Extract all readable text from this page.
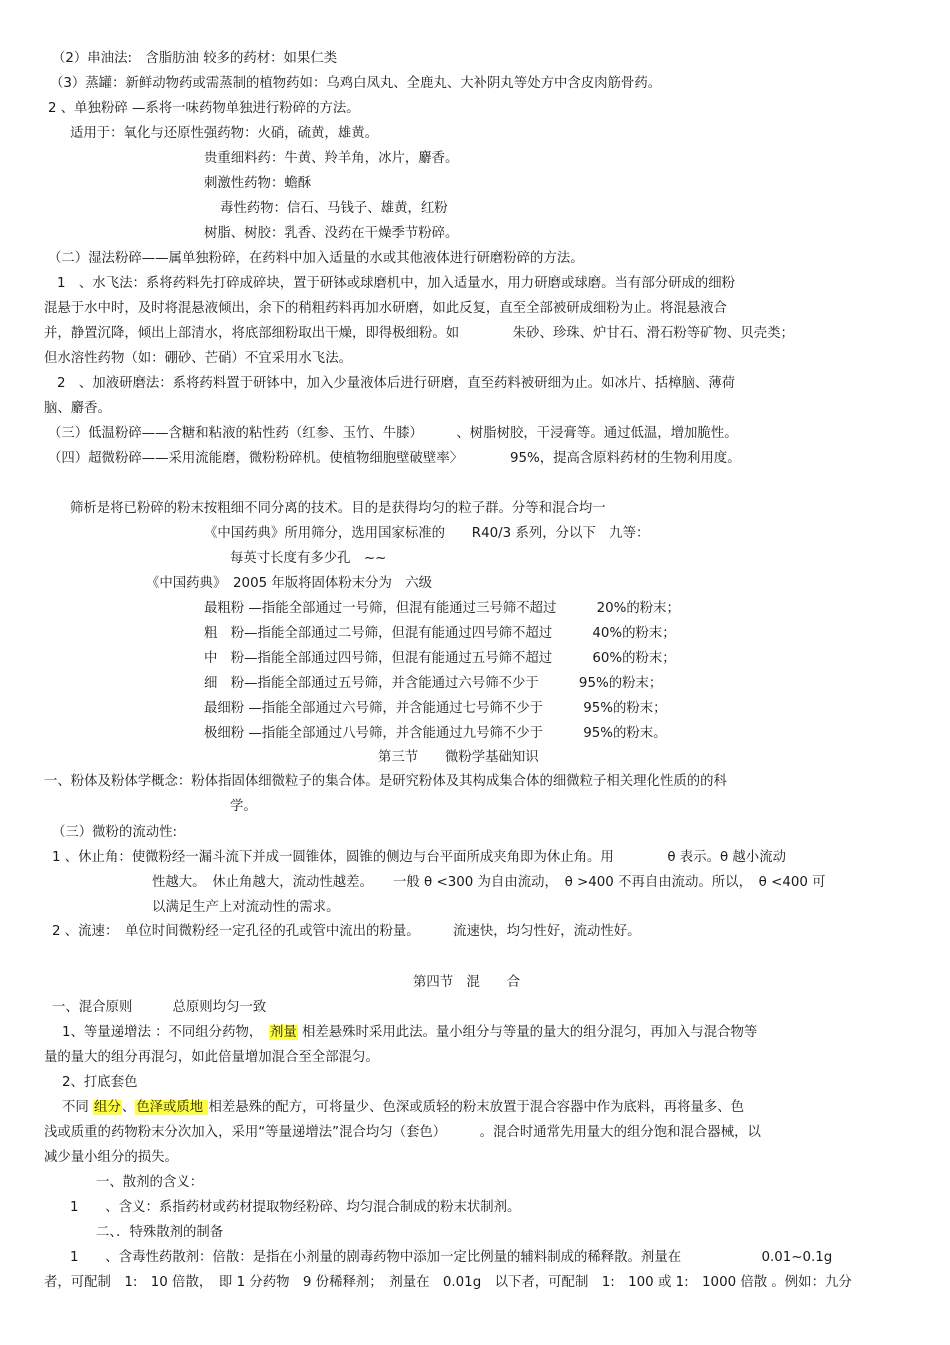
（2）串油法:　含脂肪油 较多的药材：如果仁类
（3）蒸罐：新鲜动物药或需蒸制的植物药如：乌鸡白凤丸、全鹿丸、大补阴丸等处方中含皮肉筋骨药。
2 、单独粉碎 —系将一味药物单独进行粉碎的方法。
适用于：氧化与还原性强药物：火硝，硫黄，雄黄。
贵重细料药：牛黄、羚羊角，冰片，麝香。
刺激性药物：蟾酥
毒性药物：信石、马钱子、雄黄，红粉
树脂、树胶：乳香、没药在干燥季节粉碎。
（二）湿法粉碎——属单独粉碎，在药料中加入适量的水或其他液体进行研磨粉碎的方法。
1　、水飞法：系将药料先打碎成碎块，置于研钵或球磨机中，加入适量水，用力研磨或球磨。当有部分研成的细粉
混悬于水中时，及时将混悬液倾出，余下的稍粗药料再加水研磨，如此反复，直至全部被研成细粉为止。将混悬液合
并，静置沉降，倾出上部清水，将底部细粉取出干燥，即得极细粉。如　　　　朱砂、珍珠、炉甘石、滑石粉等矿物、贝壳类；
但水溶性药物（如：硼砂、芒硝）不宜采用水飞法。
2　、加液研磨法：系将药料置于研钵中，加入少量液体后进行研磨，直至药料被研细为止。如冰片、括樟脑、薄荷
脑、麝香。
（三）低温粉碎——含糖和粘液的粘性药（红参、玉竹、牛膝）　　　、树脂树胶，干浸膏等。通过低温，增加脆性。
（四）超微粉碎——采用流能磨，微粉粉碎机。使植物细胞壁破壁率〉　　　　95%，提高含原料药材的生物利用度。
筛析是将已粉碎的粉末按粗细不同分离的技术。目的是获得均匀的粒子群。分等和混合均一
《中国药典》所用筛分，选用国家标准的　　R40/3 系列，分以下　九等：
每英寸长度有多少孔　~~
《中国药典》　2005 年版将固体粉末分为　六级
最粗粉 —指能全部通过一号筛，但混有能通过三号筛不超过　　　20%的粉末；
粗　粉—指能全部通过二号筛，但混有能通过四号筛不超过　　　40%的粉末；
中　粉—指能全部通过四号筛，但混有能通过五号筛不超过　　　60%的粉末；
细　粉—指能全部通过五号筛，并含能通过六号筛不少于　　　95%的粉末；
最细粉 —指能全部通过六号筛，并含能通过七号筛不少于　　　95%的粉末；
极细粉 —指能全部通过八号筛，并含能通过九号筛不少于　　　95%的粉末。
第三节　　微粉学基础知识
一、粉体及粉体学概念：粉体指固体细微粒子的集合体。是研究粉体及其构成集合体的细微粒子相关理化性质的的科
学。
（三）微粉的流动性:
1 、休止角：使微粉经一漏斗流下并成一圆锥体，圆锥的侧边与台平面所成夹角即为休止角。用　　　　θ 表示。θ 越小流动
性越大。　休止角越大，流动性越差。　　一般 θ <300 为自由流动，　θ >400 不再自由流动。所以，　θ <400 可
以满足生产上对流动性的需求。
2 、流速：　单位时间微粉经一定孔径的孔或管中流出的粉量。　　　流速快，均匀性好，流动性好。
第四节　混　　合
一、混合原则　　　总原则均匀一致
1、等量递增法 ：不同组分药物，　剂量 相差悬殊时采用此法。量小组分与等量的量大的组分混匀，再加入与混合物等
量的量大的组分再混匀，如此倍量增加混合至全部混匀。
2、打底套色
不同 组分、色泽或质地 相差悬殊的配方，可将量少、色深或质轻的粉末放置于混合容器中作为底料，再将量多、色
浅或质重的药物粉末分次加入，采用“等量递增法”混合均匀（套色）　　　。混合时通常先用量大的组分饱和混合器械，以
减少量小组分的损失。
一、散剂的含义：
1　　、含义：系指药材或药材提取物经粉碎、均匀混合制成的粉末状制剂。
二、．特殊散剂的制备
1　　、含毒性药散剂：倍散：是指在小剂量的剧毒药物中添加一定比例量的辅料制成的稀释散。剂量在　　　　　　0.01~0.1g
者，可配制　1:　10 倍散，　即 1 分药物　9 份稀释剂；　剂量在　0.01g　以下者，可配制　1:　100 或 1:　1000 倍散 。例如：九分
